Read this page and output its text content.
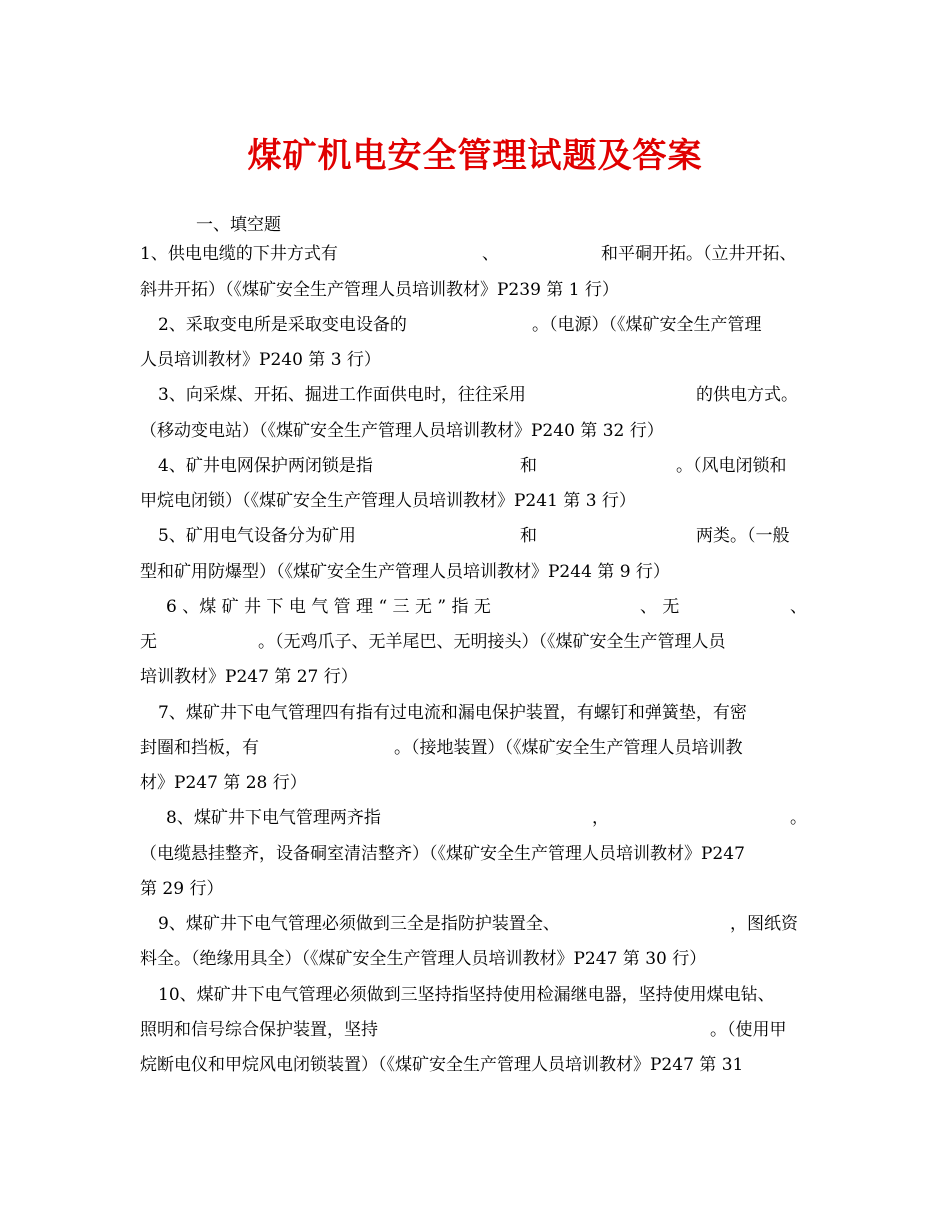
煤矿机电安全管理试题及答案
一、填空题
1、供电电缆的下井方式有	、	和平硐开拓。（立井开拓、
斜井开拓）（《煤矿安全生产管理人员培训教材》P239 第 1 行）
2、采取变电所是采取变电设备的	。（电源）（《煤矿安全生产管理
人员培训教材》P240 第 3 行）
3、向采煤、开拓、掘进工作面供电时，往往采用	的供电方式。
（移动变电站）（《煤矿安全生产管理人员培训教材》P240 第 32 行）
4、矿井电网保护两闭锁是指	和	。（风电闭锁和
甲烷电闭锁）（《煤矿安全生产管理人员培训教材》P241 第 3 行）
5、矿用电气设备分为矿用	和	两类。（一般
型和矿用防爆型）（《煤矿安全生产管理人员培训教材》P244 第 9 行）
6 、煤 矿 井 下 电 气 管 理 “ 三 无 ” 指 无	、 无	、
无	。（无鸡爪子、无羊尾巴、无明接头）（《煤矿安全生产管理人员
培训教材》P247 第 27 行）
7、煤矿井下电气管理四有指有过电流和漏电保护装置，有螺钉和弹簧垫，有密
封圈和挡板，有	。（接地装置）（《煤矿安全生产管理人员培训教
材》P247 第 28 行）
8、煤矿井下电气管理两齐指	，	。
（电缆悬挂整齐，设备硐室清洁整齐）（《煤矿安全生产管理人员培训教材》P247
第 29 行）
9、煤矿井下电气管理必须做到三全是指防护装置全、	，图纸资
料全。（绝缘用具全）（《煤矿安全生产管理人员培训教材》P247 第 30 行）
10、煤矿井下电气管理必须做到三坚持指坚持使用检漏继电器，坚持使用煤电钻、
照明和信号综合保护装置，坚持	。（使用甲
烷断电仪和甲烷风电闭锁装置）（《煤矿安全生产管理人员培训教材》P247 第 31
